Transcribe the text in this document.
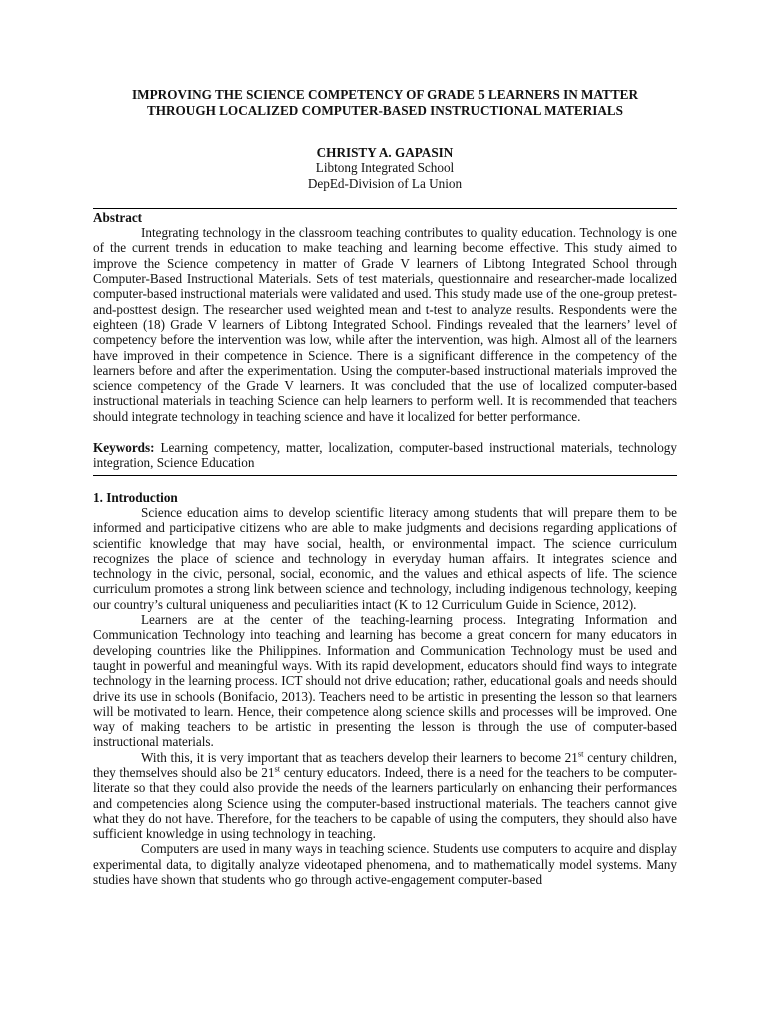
IMPROVING THE SCIENCE COMPETENCY OF GRADE 5 LEARNERS IN MATTER
THROUGH LOCALIZED COMPUTER-BASED INSTRUCTIONAL MATERIALS
CHRISTY A. GAPASIN
Libtong Integrated School
DepEd-Division of La Union
Abstract

Integrating technology in the classroom teaching contributes to quality education. Technology is one of the current trends in education to make teaching and learning become effective. This study aimed to improve the Science competency in matter of Grade V learners of Libtong Integrated School through Computer-Based Instructional Materials. Sets of test materials, questionnaire and researcher-made localized computer-based instructional materials were validated and used. This study made use of the one-group pretest-and-posttest design. The researcher used weighted mean and t-test to analyze results. Respondents were the eighteen (18) Grade V learners of Libtong Integrated School. Findings revealed that the learners’ level of competency before the intervention was low, while after the intervention, was high. Almost all of the learners have improved in their competence in Science. There is a significant difference in the competency of the learners before and after the experimentation. Using the computer-based instructional materials improved the science competency of the Grade V learners. It was concluded that the use of localized computer-based instructional materials in teaching Science can help learners to perform well. It is recommended that teachers should integrate technology in teaching science and have it localized for better performance.

Keywords: Learning competency, matter, localization, computer-based instructional materials, technology integration, Science Education

1. Introduction

Science education aims to develop scientific literacy among students that will prepare them to be informed and participative citizens who are able to make judgments and decisions regarding applications of scientific knowledge that may have social, health, or environmental impact. The science curriculum recognizes the place of science and technology in everyday human affairs. It integrates science and technology in the civic, personal, social, economic, and the values and ethical aspects of life. The science curriculum promotes a strong link between science and technology, including indigenous technology, keeping our country’s cultural uniqueness and peculiarities intact (K to 12 Curriculum Guide in Science, 2012).

Learners are at the center of the teaching-learning process. Integrating Information and Communication Technology into teaching and learning has become a great concern for many educators in developing countries like the Philippines. Information and Communication Technology must be used and taught in powerful and meaningful ways. With its rapid development, educators should find ways to integrate technology in the learning process. ICT should not drive education; rather, educational goals and needs should drive its use in schools (Bonifacio, 2013). Teachers need to be artistic in presenting the lesson so that learners will be motivated to learn. Hence, their competence along science skills and processes will be improved. One way of making teachers to be artistic in presenting the lesson is through the use of computer-based instructional materials.

With this, it is very important that as teachers develop their learners to become 21st century children, they themselves should also be 21st century educators. Indeed, there is a need for the teachers to be computer-literate so that they could also provide the needs of the learners particularly on enhancing their performances and competencies along Science using the computer-based instructional materials. The teachers cannot give what they do not have. Therefore, for the teachers to be capable of using the computers, they should also have sufficient knowledge in using technology in teaching.

Computers are used in many ways in teaching science. Students use computers to acquire and display experimental data, to digitally analyze videotaped phenomena, and to mathematically model systems. Many studies have shown that students who go through active-engagement computer-based
